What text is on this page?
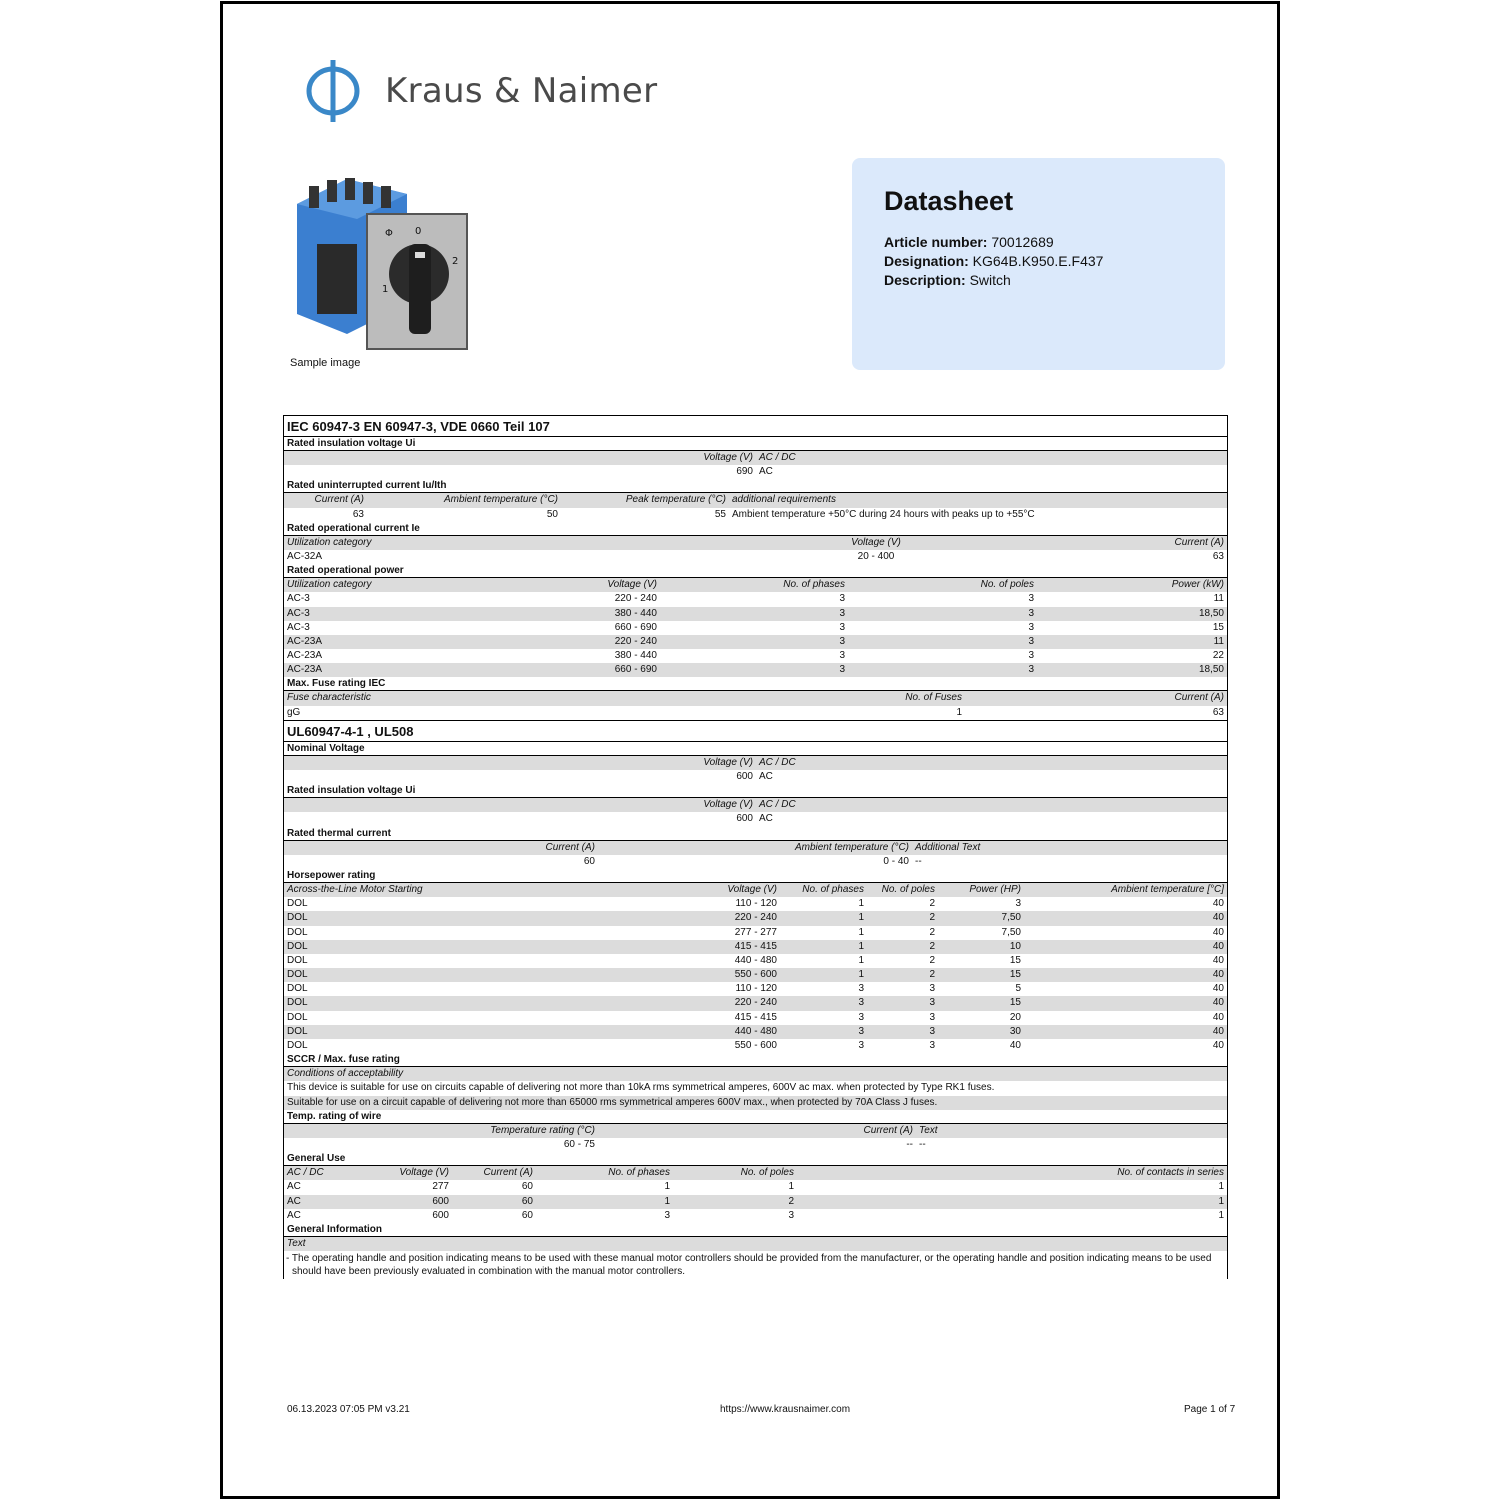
Kraus & Naimer
Φ 0
2
1
Sample image
Datasheet
Article number: 70012689
Designation: KG64B.K950.E.F437
Description: Switch
IEC 60947-3 EN 60947-3, VDE 0660 Teil 107
Rated insulation voltage Ui
Voltage (V) AC / DC
690 AC
Rated uninterrupted current Iu/Ith
Current (A)	Ambient temperature (°C)	Peak temperature (°C) additional requirements
63	50	55 Ambient temperature +50°C during 24 hours with peaks up to +55°C
Rated operational current Ie
Utilization category	Voltage (V)	Current (A)
AC-32A	20 - 400	63
Rated operational power
Utilization category	Voltage (V)	No. of phases	No. of poles	Power (kW)
AC-3	220 - 240	3	3	11
AC-3	380 - 440	3	3	18,50
AC-3	660 - 690	3	3	15
AC-23A	220 - 240	3	3	11
AC-23A	380 - 440	3	3	22
AC-23A	660 - 690	3	3	18,50
Max. Fuse rating IEC
Fuse characteristic	No. of Fuses	Current (A)
gG	1	63
UL60947-4-1 , UL508
Nominal Voltage
Voltage (V) AC / DC
600 AC
Rated insulation voltage Ui
Voltage (V) AC / DC
600 AC
Rated thermal current
Current (A)	Ambient temperature (°C) Additional Text
60	0 - 40 --
Horsepower rating
Across-the-Line Motor Starting	Voltage (V)	No. of phases	No. of poles	Power (HP)	Ambient temperature [°C]
DOL	110 - 120	1	2	3	40
DOL	220 - 240	1	2	7,50	40
DOL	277 - 277	1	2	7,50	40
DOL	415 - 415	1	2	10	40
DOL	440 - 480	1	2	15	40
DOL	550 - 600	1	2	15	40
DOL	110 - 120	3	3	5	40
DOL	220 - 240	3	3	15	40
DOL	415 - 415	3	3	20	40
DOL	440 - 480	3	3	30	40
DOL	550 - 600	3	3	40	40
SCCR / Max. fuse rating
Conditions of acceptability
This device is suitable for use on circuits capable of delivering not more than 10kA rms symmetrical amperes, 600V ac max. when protected by Type RK1 fuses.
Suitable for use on a circuit capable of delivering not more than 65000 rms symmetrical amperes 600V max., when protected by 70A Class J fuses.
Temp. rating of wire
Temperature rating (°C)	Current (A) Text
60 - 75	-- --
General Use
AC / DC	Voltage (V)	Current (A)	No. of phases	No. of poles	No. of contacts in series
AC	277	60	1	1	1
AC	600	60	1	2	1
AC	600	60	3	3	1
General Information
Text
- The operating handle and position indicating means to be used with these manual motor controllers should be provided from the manufacturer, or the operating handle and position indicating means to be used should have been previously evaluated in combination with the manual motor controllers.
06.13.2023 07:05 PM v3.21	https://www.krausnaimer.com	Page 1 of 7
